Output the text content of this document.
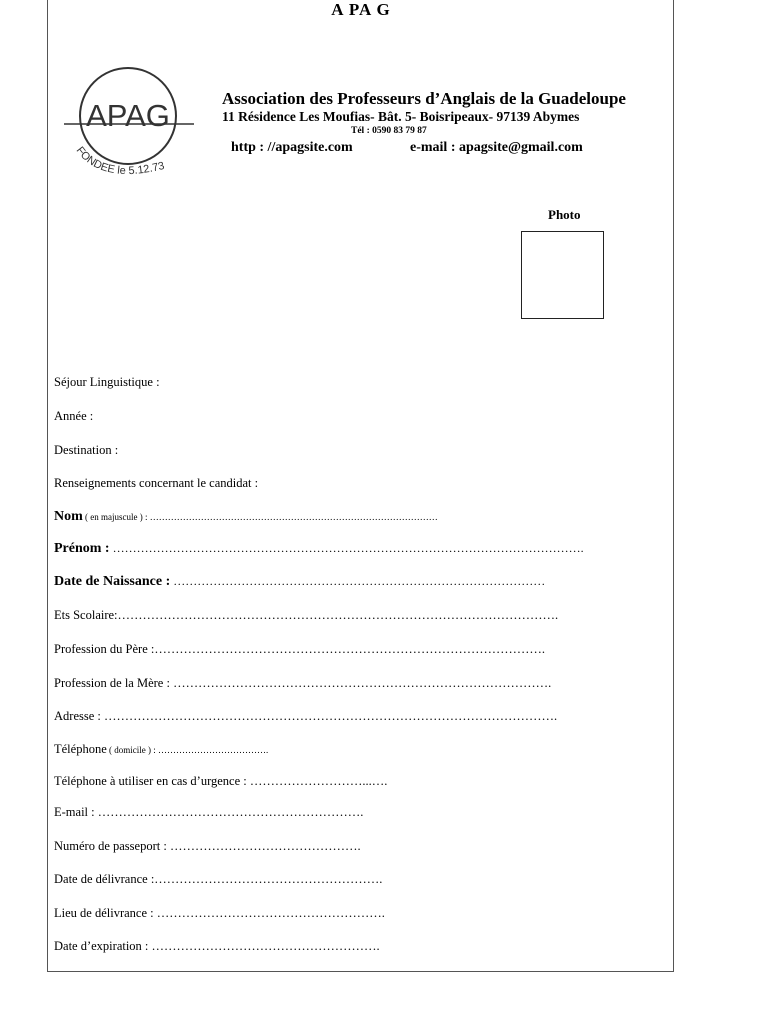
A PA G
APAG
FONDEE le 5.12.73
Association des Professeurs d’Anglais de la Guadeloupe
11 Résidence Les Moufias- Bât. 5- Boisripeaux- 97139 Abymes
Tél : 0590 83 79 87
http : //apagsite.com	e-mail : apagsite@gmail.com
Photo
Séjour Linguistique :
Année :
Destination :
Renseignements concernant le candidat :
Nom ( en majuscule ) : ……………………………………………………………………………………
Prénom : ……………………………………………………………………………………………………….
Date de Naissance : …………………………………………………………………………………
Ets Scolaire:…………………………………………………………………………………………….
Profession du Père :………………………………………………………………………………….
Profession de la Mère : ……………………………………………………………………………….
Adresse : ……………………………………………………………………………………………….
Téléphone ( domicile ) : ……………………………….
Téléphone à utiliser en cas d’urgence : ………………………...….
E-mail : ……………………………………………………….
Numéro de passeport : ……………………………………….
Date de délivrance :……………………………………………….
Lieu de délivrance : ……………………………………………….
Date d’expiration : ……………………………………………….
